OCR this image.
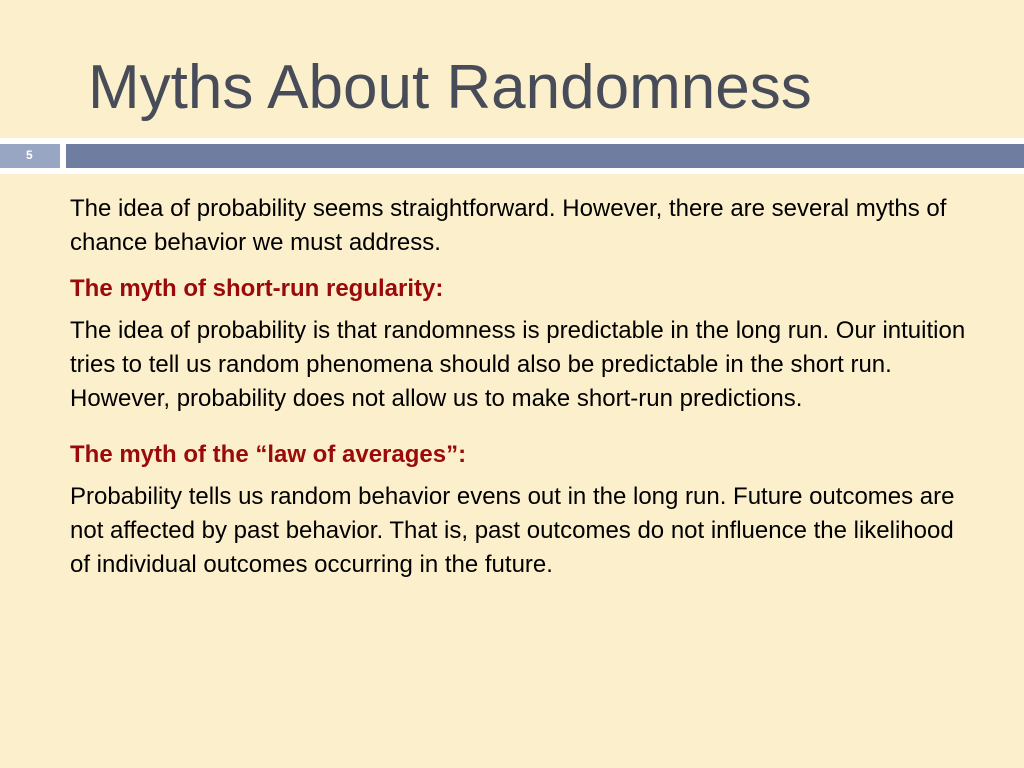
Myths About Randomness
5

The idea of probability seems straightforward. However, there are several myths of chance behavior we must address.

The myth of short-run regularity:

The idea of probability is that randomness is predictable in the long run. Our intuition tries to tell us random phenomena should also be predictable in the short run. However, probability does not allow us to make short-run predictions.

The myth of the “law of averages”:

Probability tells us random behavior evens out in the long run. Future outcomes are not affected by past behavior. That is, past outcomes do not influence the likelihood of individual outcomes occurring in the future.
